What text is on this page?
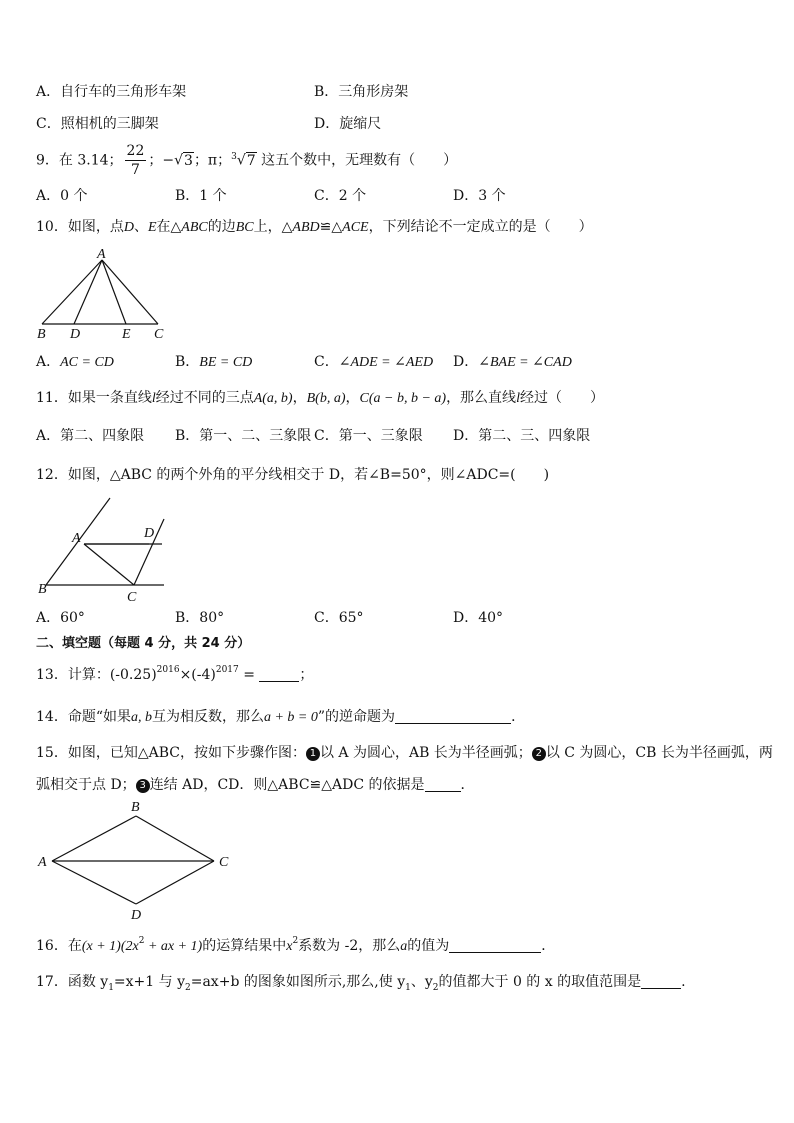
A．自行车的三角形车架	B．三角形房架
C．照相机的三脚架	D．旋缩尺
9．在 3.14； $\frac{22}{7}$ ；−√3；π；$^3$√7 这五个数中，无理数有（　　）
A．0 个	B．1 个	C．2 个	D．3 个
10．如图，点D、E在△ABC的边BC上，△ABD≌△ACE，下列结论不一定成立的是（　　）
A
B D	E C
A．AC = CD	B．BE = CD	C．∠ADE = ∠AED D．∠BAE = ∠CAD
11．如果一条直线l经过不同的三点A(a, b)，B(b, a)，C(a − b, b − a)，那么直线l经过（　　）
A．第二、四象限 B．第一、二、三象限 C．第一、三象限 D．第二、三、四象限
12．如图，△ABC 的两个外角的平分线相交于 D，若∠B=50°，则∠ADC=(　　)
A
B
C
D
A．60°	B．80°	C．65°	D．40°
二、填空题（每题 4 分，共 24 分）
13．计算：$(-0.25)^{2016}\times(-4)^{2017}$ =	；
14．命题“如果a, b互为相反数，那么a + b = 0”的逆命题为	．
15．如图，已知△ABC，按如下步骤作图： 1 以 A 为圆心，AB 长为半径画弧； 2 以 C 为圆心，CB 长为半径画弧，两
弧相交于点 D； 3 连结 AD，CD．则△ABC≌△ADC 的依据是	．
B
A	C
D
16．在$(x + 1)(2x^2$ + ax + 1)的运算结果中$x^2$系数为 -2，那么a的值为	．
17．函数 $y_1=x+1$ 与 $y_2=ax+b$ 的图象如图所示,那么,使 $y_1$、$y_2$的值都大于 0 的 x 的取值范围是	.
